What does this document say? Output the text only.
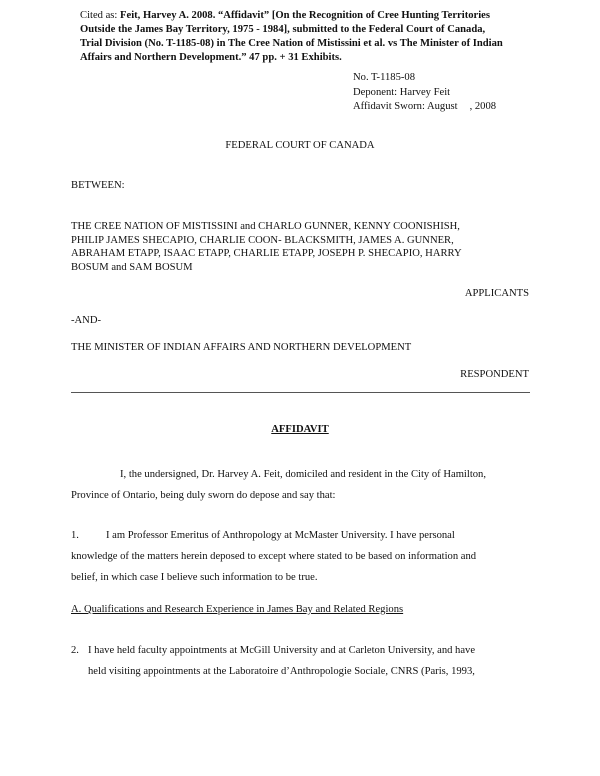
Cited as: Feit, Harvey A. 2008. “Affidavit” [On the Recognition of Cree Hunting Territories
Outside the James Bay Territory, 1975 - 1984], submitted to the Federal Court of Canada,
Trial Division (No. T-1185-08) in The Cree Nation of Mistissini et al. vs The Minister of Indian
Affairs and Northern Development.” 47 pp. + 31 Exhibits.
No. T-1185-08
Deponent: Harvey Feit
Affidavit Sworn: August , 2008
FEDERAL COURT OF CANADA
BETWEEN:
THE CREE NATION OF MISTISSINI and CHARLO GUNNER, KENNY COONISHISH,
PHILIP JAMES SHECAPIO, CHARLIE COON- BLACKSMITH, JAMES A. GUNNER,
ABRAHAM ETAPP, ISAAC ETAPP, CHARLIE ETAPP, JOSEPH P. SHECAPIO, HARRY
BOSUM and SAM BOSUM
APPLICANTS
-AND-
THE MINISTER OF INDIAN AFFAIRS AND NORTHERN DEVELOPMENT
RESPONDENT
AFFIDAVIT
I, the undersigned, Dr. Harvey A. Feit, domiciled and resident in the City of Hamilton,
Province of Ontario, being duly sworn do depose and say that:
1.	I am Professor Emeritus of Anthropology at McMaster University. I have personal
knowledge of the matters herein deposed to except where stated to be based on information and
belief, in which case I believe such information to be true.
A. Qualifications and Research Experience in James Bay and Related Regions
2. I have held faculty appointments at McGill University and at Carleton University, and have
held visiting appointments at the Laboratoire d’Anthropologie Sociale, CNRS (Paris, 1993,
